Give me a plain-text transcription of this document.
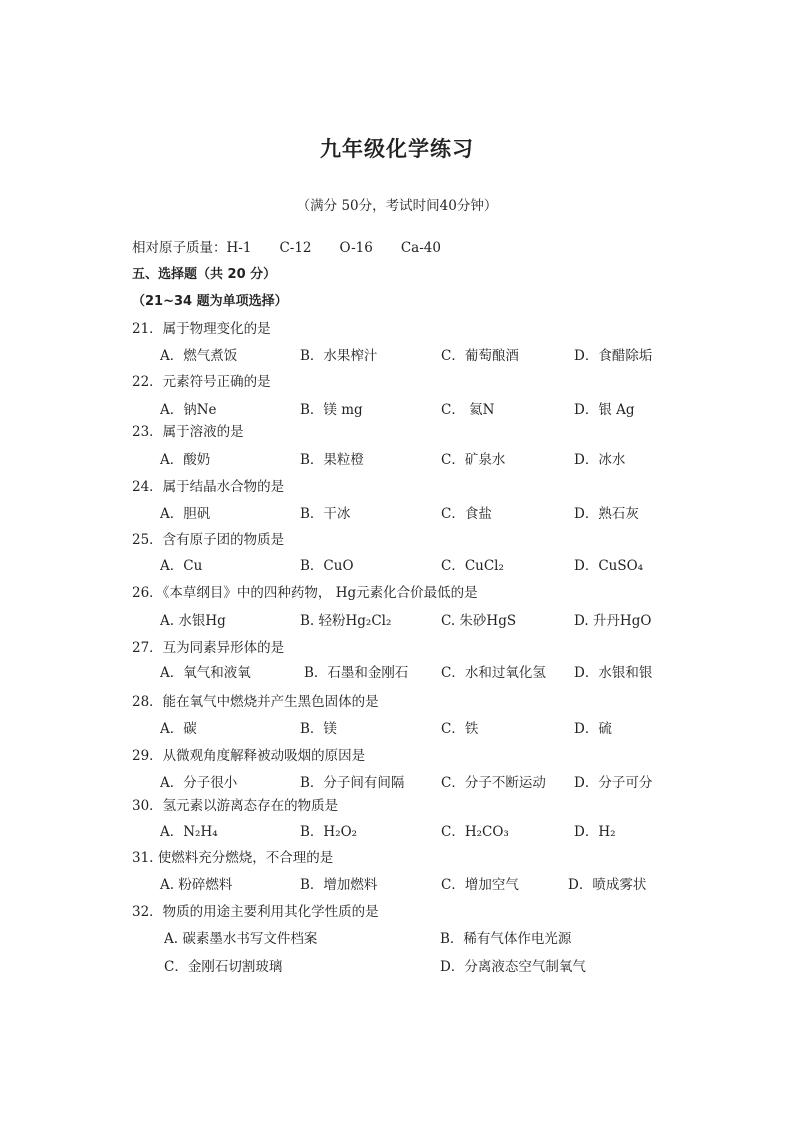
九年级化学练习
（满分 50分，考试时间40分钟）
相对原子质量：H-1 C-12 O-16 Ca-40
五、选择题（共 20 分）
（21~34 题为单项选择）
21．属于物理变化的是
A．燃气煮饭	B．水果榨汁	C．葡萄酿酒	D．食醋除垢
22．元素符号正确的是
A．钠Ne	B．镁 mg	C． 氦N	D．银 Ag
23．属于溶液的是
A．酸奶	B．果粒橙	C．矿泉水	D．冰水
24．属于结晶水合物的是
A．胆矾	B．干冰	C．食盐	D．熟石灰
25．含有原子团的物质是
A．Cu	B．CuO	C．CuCl₂	D．CuSO₄
26．《本草纲目》中的四种药物， Hg元素化合价最低的是
A. 水银Hg	B. 轻粉Hg₂Cl₂	C. 朱砂HgS	D. 升丹HgO
27．互为同素异形体的是
A．氧气和液氧	B．石墨和金刚石 C．水和过氧化氢 D．水银和银
28．能在氧气中燃烧并产生黑色固体的是
A．碳	B．镁	C．铁	D．硫
29．从微观角度解释被动吸烟的原因是
A．分子很小	B．分子间有间隔	C．分子不断运动 D．分子可分
30．氢元素以游离态存在的物质是
A．N₂H₄	B．H₂O₂	C．H₂CO₃	D．H₂
31. 使燃料充分燃烧，不合理的是
A. 粉碎燃料	B．增加燃料	C．增加空气	D．喷成雾状
32．物质的用途主要利用其化学性质的是
A. 碳素墨水书写文件档案	B．稀有气体作电光源
C．金刚石切割玻璃	D．分离液态空气制氧气
